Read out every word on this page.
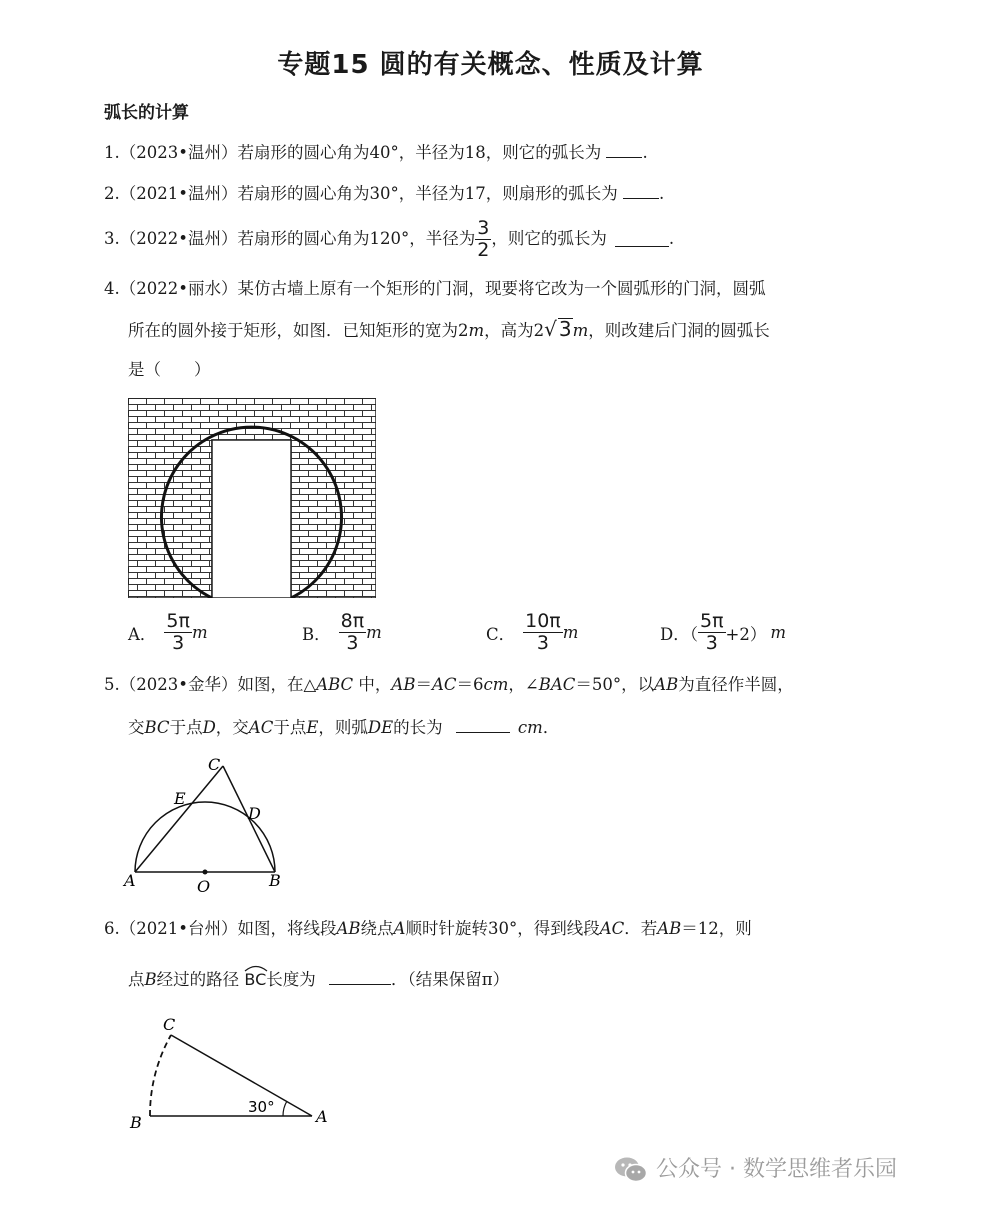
专题15 圆的有关概念、性质及计算
弧长的计算
1.（2023•温州）若扇形的圆心角为40°，半径为18，则它的弧长为	.
2.（2021•温州）若扇形的圆心角为30°，半径为17，则扇形的弧长为	.
3. （2022•温州） 若扇形的圆心角为120°，半径为 $\frac{3}{2}$ ，则它的弧长为	.
4.（2022•丽水）某仿古墙上原有一个矩形的门洞，现要将它改为一个圆弧形的门洞，圆弧
所在的圆外接于矩形，如图．已知矩形的宽为2m，高为2√ 3m，则改建后门洞的圆弧长
是（　　）
A． $\frac{5\pi}{3}$ m	B． $\frac{8\pi}{3}$ m	C． $\frac{10\pi}{3}$ m	D．（ $\frac{5\pi}{3} +2$） m
5.（2023•金华）如图，在△ABC 中，AB＝AC＝6cm，∠BAC＝50°，以AB为直径作半圆，
交BC于点D，交AC于点E，则弧DE的长为	cm．
A	B
C
D
E
O
6.（2021•台州）如图，将线段AB绕点A顺时针旋转30°，得到线段AC．若AB＝12，则
点B经过的路径 BC长度为	．（结果保留π）
B	A
C
30°
公众号 · 数学思维者乐园
